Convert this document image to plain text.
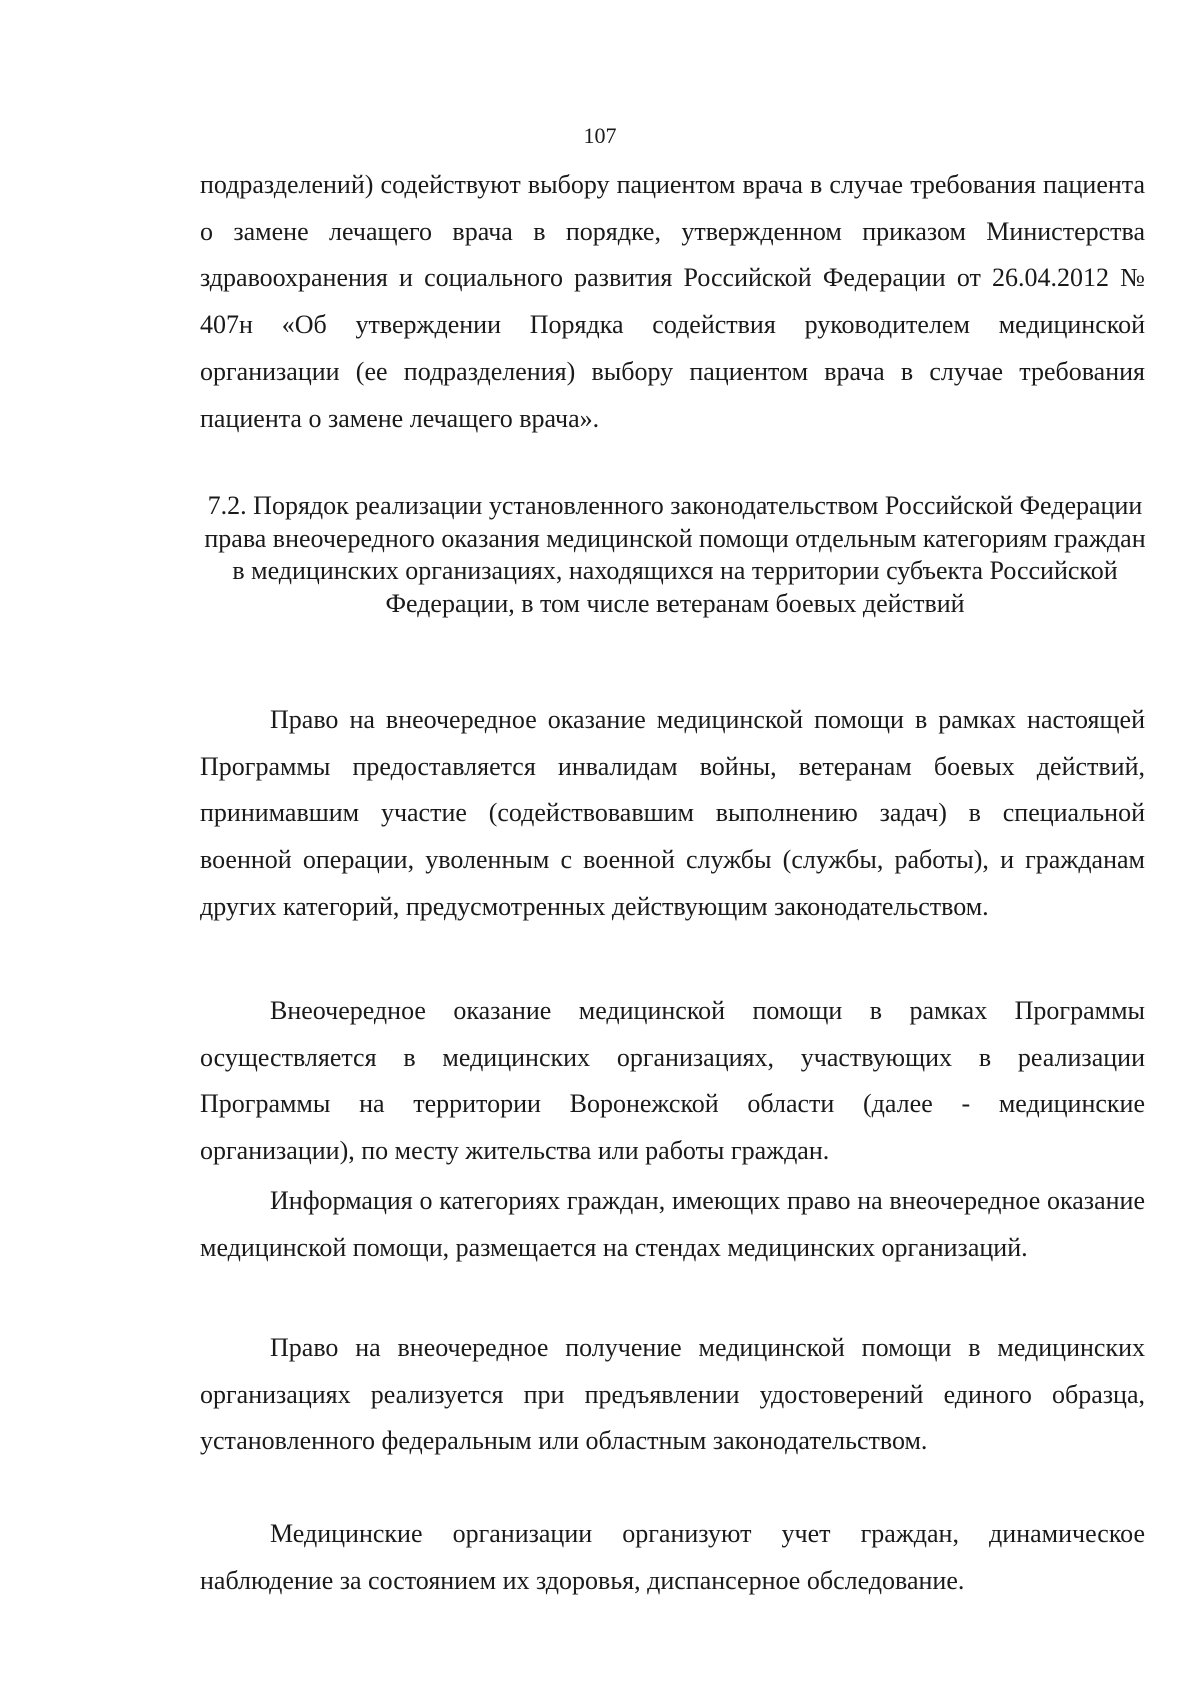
107

подразделений) содействуют выбору пациентом врача в случае требования пациента о замене лечащего врача в порядке, утвержденном приказом Министерства здравоохранения и социального развития Российской Федерации от 26.04.2012 № 407н «Об утверждении Порядка содействия руководителем медицинской организации (ее подразделения) выбору пациентом врача в случае требования пациента о замене лечащего врача».

7.2. Порядок реализации установленного законодательством Российской Федерации права внеочередного оказания медицинской помощи отдельным категориям граждан в медицинских организациях, находящихся на территории субъекта Российской Федерации, в том числе ветеранам боевых действий

Право на внеочередное оказание медицинской помощи в рамках настоящей Программы предоставляется инвалидам войны, ветеранам боевых действий, принимавшим участие (содействовавшим выполнению задач) в специальной военной операции, уволенным с военной службы (службы, работы), и гражданам других категорий, предусмотренных действующим законодательством.

Внеочередное оказание медицинской помощи в рамках Программы осуществляется в медицинских организациях, участвующих в реализации Программы на территории Воронежской области (далее - медицинские организации), по месту жительства или работы граждан.

Информация о категориях граждан, имеющих право на внеочередное оказание медицинской помощи, размещается на стендах медицинских организаций.

Право на внеочередное получение медицинской помощи в медицинских организациях реализуется при предъявлении удостоверений единого образца, установленного федеральным или областным законодательством.

Медицинские организации организуют учет граждан, динамическое наблюдение за состоянием их здоровья, диспансерное обследование.
